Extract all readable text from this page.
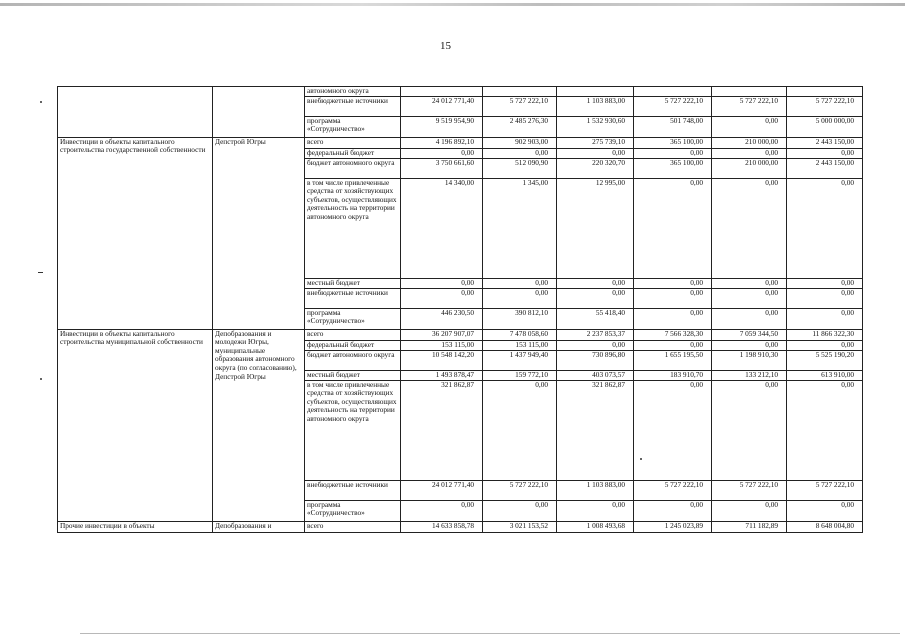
15
		автономного округа						
		внебюджетные источники	24 012 771,40	5 727 222,10	1 103 883,00	5 727 222,10	5 727 222,10	5 727 222,10
		программа «Сотрудничество»	9 519 954,90	2 485 276,30	1 532 930,60	501 748,00	0,00	5 000 000,00
Инвестиции в объекты капитального строительства государственной собственности	Депстрой Югры	всего	4 196 892,10	902 903,00	275 739,10	365 100,00	210 000,00	2 443 150,00
		федеральный бюджет	0,00	0,00	0,00	0,00	0,00	0,00
		бюджет автономного округа	3 750 661,60	512 090,90	220 320,70	365 100,00	210 000,00	2 443 150,00
		в том числе привлеченные средства от хозяйствующих субъектов, осуществляющих деятельность на территории автономного округа	14 340,00	1 345,00	12 995,00	0,00	0,00	0,00
		местный бюджет	0,00	0,00	0,00	0,00	0,00	0,00
		внебюджетные источники	0,00	0,00	0,00	0,00	0,00	0,00
		программа «Сотрудничество»	446 230,50	390 812,10	55 418,40	0,00	0,00	0,00
Инвестиции в объекты капитального строительства муниципальной собственности	Депобразования и молодежи Югры, муниципальные образования автономного округа (по согласованию), Депстрой Югры	всего	36 207 907,07	7 478 058,60	2 237 853,37	7 566 328,30	7 059 344,50	11 866 322,30
		федеральный бюджет	153 115,00	153 115,00	0,00	0,00	0,00	0,00
		бюджет автономного округа	10 548 142,20	1 437 949,40	730 896,80	1 655 195,50	1 198 910,30	5 525 190,20
		местный бюджет	1 493 878,47	159 772,10	403 073,57	183 910,70	133 212,10	613 910,00
		в том числе привлеченные средства от хозяйствующих субъектов, осуществляющих деятельность на территории автономного округа	321 862,87	0,00	321 862,87	0,00	0,00	0,00
		внебюджетные источники	24 012 771,40	5 727 222,10	1 103 883,00	5 727 222,10	5 727 222,10	5 727 222,10
		программа «Сотрудничество»	0,00	0,00	0,00	0,00	0,00	0,00
Прочие инвестиции в объекты	Депобразования и	всего	14 633 858,78	3 021 153,52	1 008 493,68	1 245 023,89	711 182,89	8 648 004,80
